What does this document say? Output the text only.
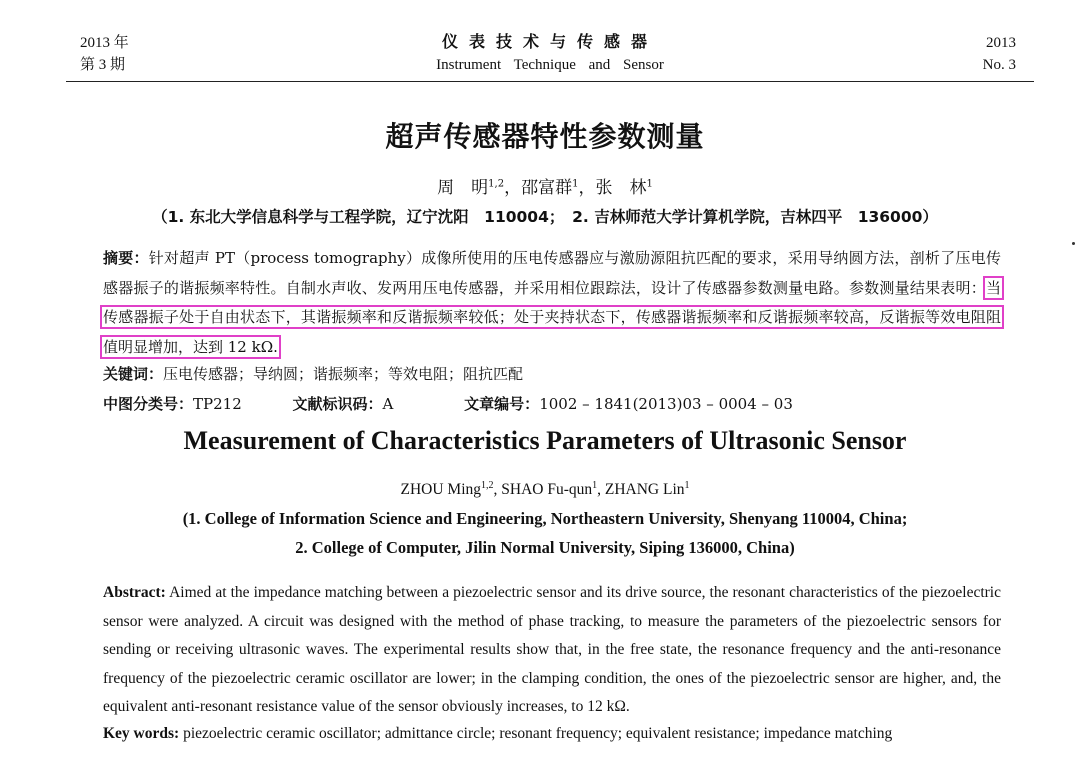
2013 年
第 3 期
仪表技术与传感器
Instrument Technique and Sensor
2013
No. 3
超声传感器特性参数测量
周　明$^{1,2}$，邵富群$^1$，张　林$^1$
（1. 东北大学信息科学与工程学院，辽宁沈阳　110004；　2. 吉林师范大学计算机学院，吉林四平　136000）
摘要：针对超声 PT（process tomography）成像所使用的压电传感器应与激励源阻抗匹配的要求，采用导纳圆方法，剖析了压电传感器振子的谐振频率特性。自制水声收、发两用压电传感器，并采用相位跟踪法，设计了传感器参数测量电路。参数测量结果表明：当传感器振子处于自由状态下，其谐振频率和反谐振频率较低；处于夹持状态下，传感器谐振频率和反谐振频率较高，反谐振等效电阻阻值明显增加，达到 12 kΩ.
关键词：压电传感器；导纳圆；谐振频率；等效电阻；阻抗匹配
中图分类号：TP212	文献标识码：A	文章编号：1002 – 1841(2013)03 – 0004 – 03
Measurement of Characteristics Parameters of Ultrasonic Sensor
ZHOU Ming$^{1,2}$, SHAO Fu-qun$^1$, ZHANG Lin$^1$
(1. College of Information Science and Engineering, Northeastern University, Shenyang 110004, China;
2. College of Computer, Jilin Normal University, Siping 136000, China)
Abstract: Aimed at the impedance matching between a piezoelectric sensor and its drive source, the resonant characteristics of the piezoelectric sensor were analyzed. A circuit was designed with the method of phase tracking, to measure the parameters of the piezoelectric sensors for sending or receiving ultrasonic waves. The experimental results show that, in the free state, the resonance frequency and the anti-resonance frequency of the piezoelectric ceramic oscillator are lower; in the clamping condition, the ones of the piezoelectric sensor are higher, and, the equivalent anti-resonant resistance value of the sensor obviously increases, to 12 kΩ.
Key words: piezoelectric ceramic oscillator; admittance circle; resonant frequency; equivalent resistance; impedance matching
